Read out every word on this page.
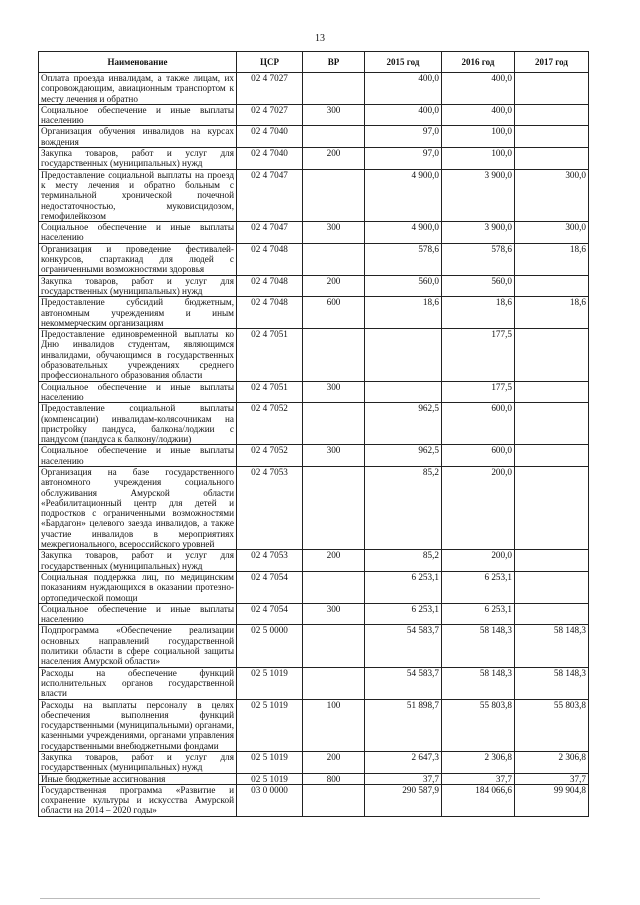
13
Наименование	ЦСР	ВР	2015 год	2016 год	2017 год
Оплата проезда инвалидам, а также лицам, их сопровождающим, авиационным транспортом к месту лечения и обратно	02 4 7027		400,0	400,0	
Социальное обеспечение и иные выплаты населению	02 4 7027	300	400,0	400,0	
Организация обучения инвалидов на курсах вождения	02 4 7040		97,0	100,0	
Закупка товаров, работ и услуг для государственных (муниципальных) нужд	02 4 7040	200	97,0	100,0	
Предоставление социальной выплаты на проезд к месту лечения и обратно больным с терминальной хронической почечной недостаточностью, муковисцидозом, гемофилейкозом	02 4 7047		4 900,0	3 900,0	300,0
Социальное обеспечение и иные выплаты населению	02 4 7047	300	4 900,0	3 900,0	300,0
Организация и проведение фестивалей-конкурсов, спартакиад для людей с ограниченными возможностями здоровья	02 4 7048		578,6	578,6	18,6
Закупка товаров, работ и услуг для государственных (муниципальных) нужд	02 4 7048	200	560,0	560,0	
Предоставление субсидий бюджетным, автономным учреждениям и иным некоммерческим организациям	02 4 7048	600	18,6	18,6	18,6
Предоставление единовременной выплаты ко Дню инвалидов студентам, являющимся инвалидами, обучающимся в государственных образовательных учреждениях среднего профессионального образования области	02 4 7051			177,5	
Социальное обеспечение и иные выплаты населению	02 4 7051	300		177,5	
Предоставление социальной выплаты (компенсации) инвалидам-колясочникам на пристройку пандуса, балкона/лоджии с пандусом (пандуса к балкону/лоджии)	02 4 7052		962,5	600,0	
Социальное обеспечение и иные выплаты населению	02 4 7052	300	962,5	600,0	
Организация на базе государственного автономного учреждения социального обслуживания Амурской области «Реабилитационный центр для детей и подростков с ограниченными возможностями «Бардагон» целевого заезда инвалидов, а также участие инвалидов в мероприятиях межрегионального, всероссийского уровней	02 4 7053		85,2	200,0	
Закупка товаров, работ и услуг для государственных (муниципальных) нужд	02 4 7053	200	85,2	200,0	
Социальная поддержка лиц, по медицинским показаниям нуждающихся в оказании протезно-ортопедической помощи	02 4 7054		6 253,1	6 253,1	
Социальное обеспечение и иные выплаты населению	02 4 7054	300	6 253,1	6 253,1	
Подпрограмма «Обеспечение реализации основных направлений государственной политики области в сфере социальной защиты населения Амурской области»	02 5 0000		54 583,7	58 148,3	58 148,3
Расходы на обеспечение функций исполнительных органов государственной власти	02 5 1019		54 583,7	58 148,3	58 148,3
Расходы на выплаты персоналу в целях обеспечения выполнения функций государственными (муниципальными) органами, казенными учреждениями, органами управления государственными внебюджетными фондами	02 5 1019	100	51 898,7	55 803,8	55 803,8
Закупка товаров, работ и услуг для государственных (муниципальных) нужд	02 5 1019	200	2 647,3	2 306,8	2 306,8
Иные бюджетные ассигнования	02 5 1019	800	37,7	37,7	37,7
Государственная программа «Развитие и сохранение культуры и искусства Амурской области на 2014 – 2020 годы»	03 0 0000		290 587,9	184 066,6	99 904,8
